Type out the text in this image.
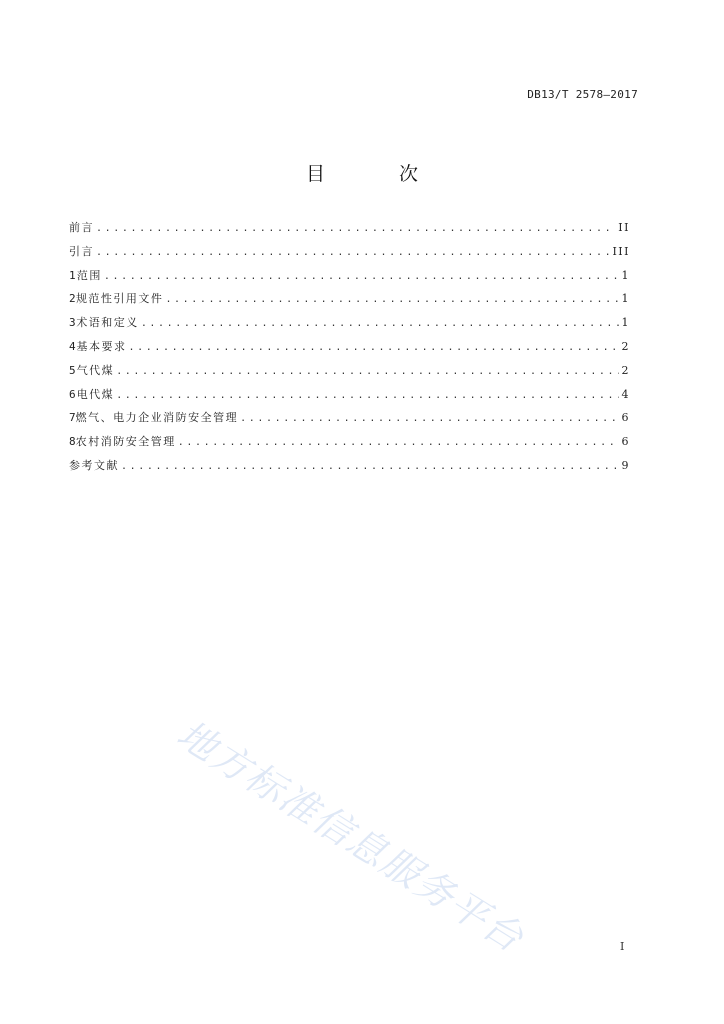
DB13/T 2578—2017
目 次
前言 .....	II
引言 .....	III
1 范围 .....	1
2 规范性引用文件 .....	1
3 术语和定义 .....	1
4 基本要求 .....	2
5 气代煤 .....	2
6 电代煤 .....	4
7 燃气、电力企业消防安全管理 .....	6
8 农村消防安全管理 .....	6
参考文献 .....	9
地方标准信息服务平台	I
